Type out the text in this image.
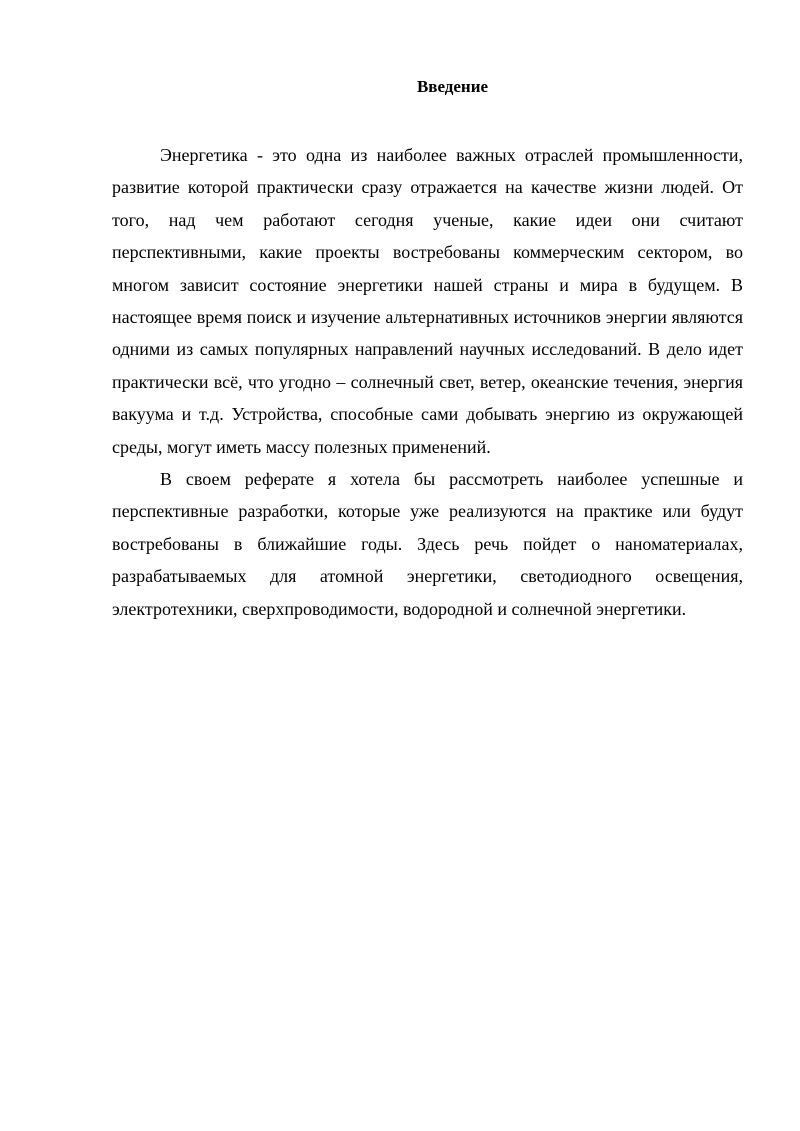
Введение

Энергетика - это одна из наиболее важных отраслей промышленности, развитие которой практически сразу отражается на качестве жизни людей. От того, над чем работают сегодня ученые, какие идеи они считают перспективными, какие проекты востребованы коммерческим сектором, во многом зависит состояние энергетики нашей страны и мира в будущем. В настоящее время поиск и изучение альтернативных источников энергии являются одними из самых популярных направлений научных исследований. В дело идет практически всё, что угодно – солнечный свет, ветер, океанские течения, энергия вакуума и т.д. Устройства, способные сами добывать энергию из окружающей среды, могут иметь массу полезных применений.

В своем реферате я хотела бы рассмотреть наиболее успешные и перспективные разработки, которые уже реализуются на практике или будут востребованы в ближайшие годы. Здесь речь пойдет о наноматериалах, разрабатываемых для атомной энергетики, светодиодного освещения, электротехники, сверхпроводимости, водородной и солнечной энергетики.
